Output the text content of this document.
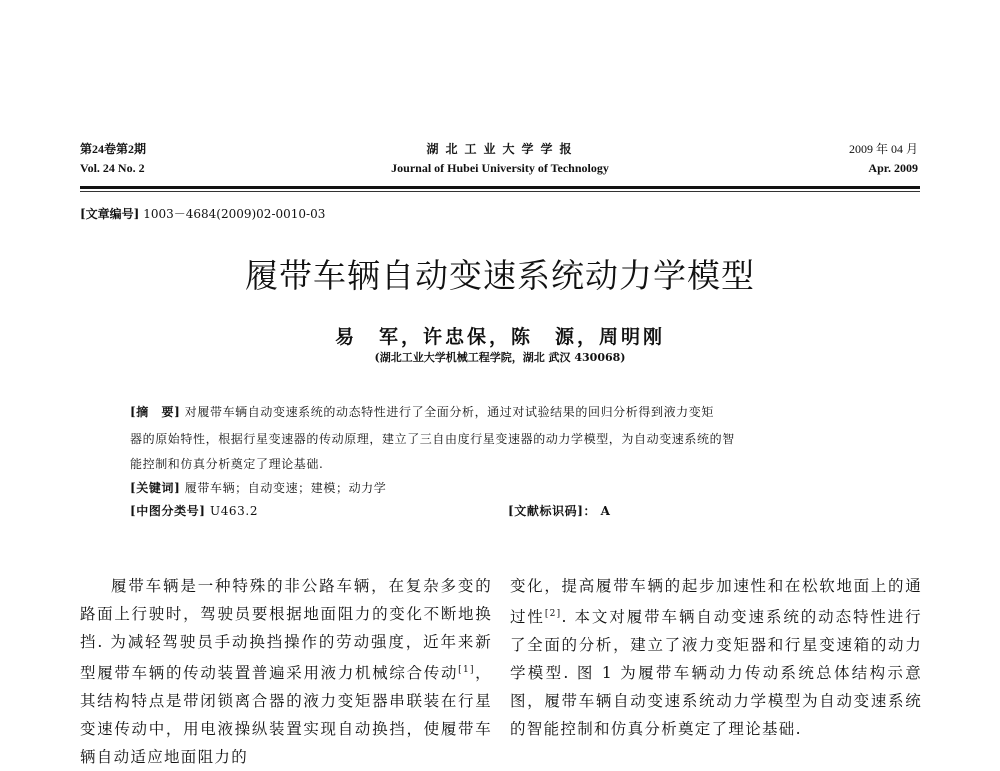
第24卷第2期
Vol. 24 No. 2
湖 北 工 业 大 学 学 报
Journal of Hubei University of Technology
2009 年 04 月
Apr. 2009
[文章编号] 1003－4684(2009)02-0010-03
履带车辆自动变速系统动力学模型
易　军，许忠保，陈　源，周明刚
(湖北工业大学机械工程学院，湖北 武汉 430068)
[摘　要] 对履带车辆自动变速系统的动态特性进行了全面分析，通过对试验结果的回归分析得到液力变矩
器的原始特性，根据行星变速器的传动原理，建立了三自由度行星变速器的动力学模型，为自动变速系统的智
能控制和仿真分析奠定了理论基础.
[关键词] 履带车辆；自动变速；建模；动力学
[中图分类号] U463.2	[文献标识码]： A

履带车辆是一种特殊的非公路车辆，在复杂多变的路面上行驶时，驾驶员要根据地面阻力的变化不断地换挡. 为减轻驾驶员手动换挡操作的劳动强度，近年来新型履带车辆的传动装置普遍采用液力机械综合传动[1]，其结构特点是带闭锁离合器的液力变矩器串联装在行星变速传动中，用电液操纵装置实现自动换挡，使履带车辆自动适应地面阻力的

变化，提高履带车辆的起步加速性和在松软地面上的通过性[2]. 本文对履带车辆自动变速系统的动态特性进行了全面的分析，建立了液力变矩器和行星变速箱的动力学模型. 图 1 为履带车辆动力传动系统总体结构示意图，履带车辆自动变速系统动力学模型为自动变速系统的智能控制和仿真分析奠定了理论基础.
